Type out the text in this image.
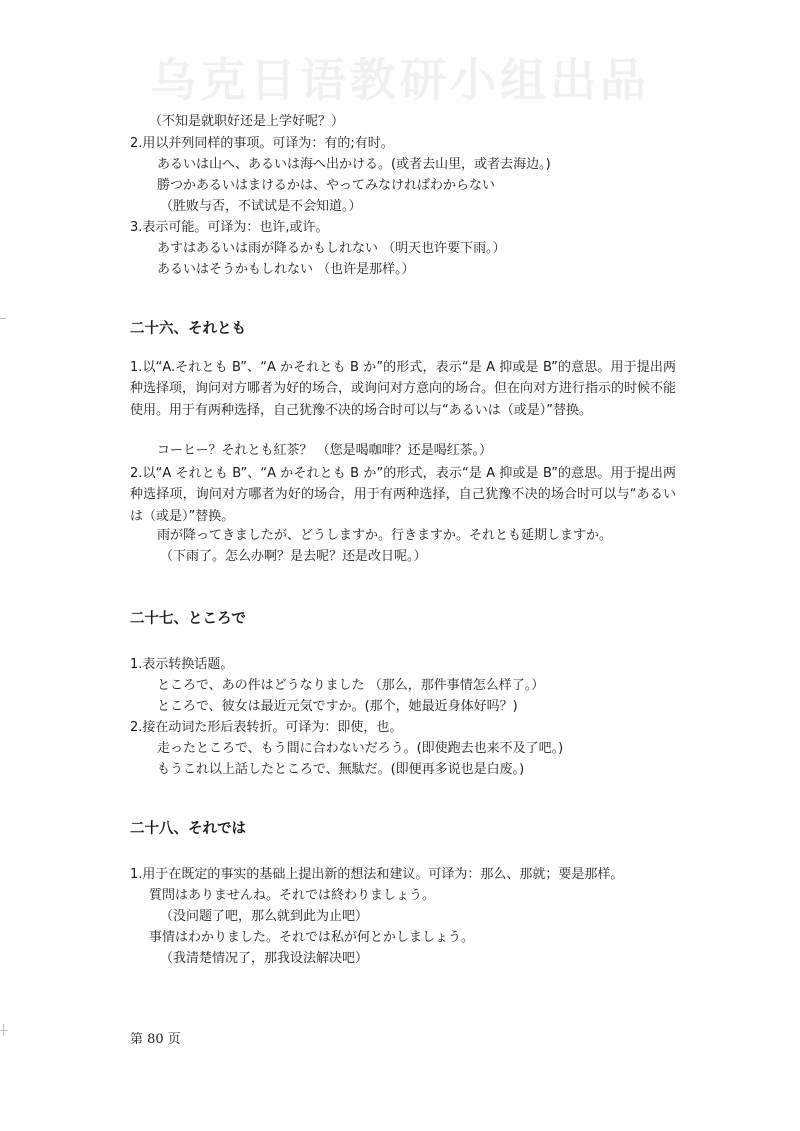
乌克日语教研小组出品
（不知是就职好还是上学好呢？）
2.用以并列同样的事项。可译为：有的;有时。
あるいは山へ、あるいは海へ出かける。(或者去山里，或者去海边。)
勝つかあるいはまけるかは、やってみなければわからない
（胜败与否，不试试是不会知道。）
3.表示可能。可译为：也许,或许。
あすはあるいは雨が降るかもしれない （明天也许要下雨。）
あるいはそうかもしれない （也许是那样。）
二十六、それとも

1.以“A.それとも B”、“A かそれとも B か”的形式，表示“是 A 抑或是 B”的意思。用于提出两种选择项，询问对方哪者为好的场合，或询问对方意向的场合。但在向对方进行指示的时候不能使用。用于有两种选择，自己犹豫不决的场合时可以与“あるいは（或是）”替换。

コーヒー？それとも紅茶？ （您是喝咖啡？还是喝红茶。）

2.以“A それとも B”、“A かそれとも B か”的形式，表示“是 A 抑或是 B”的意思。用于提出两种选择项，询问对方哪者为好的场合，用于有两种选择，自己犹豫不决的场合时可以与“あるいは（或是）”替换。

雨が降ってきましたが、どうしますか。行きますか。それとも延期しますか。
（下雨了。怎么办啊？是去呢？还是改日呢。）
二十七、ところで
1.表示转换话题。
ところで、あの件はどうなりました （那么，那件事情怎么样了。）
ところで、彼女は最近元気ですか。(那个，她最近身体好吗？)
2.接在动词た形后表转折。可译为：即使，也。
走ったところで、もう間に合わないだろう。(即使跑去也来不及了吧。)
もうこれ以上話したところで、無駄だ。(即便再多说也是白废。)
二十八、それでは
1.用于在既定的事实的基础上提出新的想法和建议。可译为：那么、那就；要是那样。
質問はありませんね。それでは終わりましょう。
（没问题了吧，那么就到此为止吧）
事情はわかりました。それでは私が何とかしましょう。
（我清楚情况了，那我设法解决吧）
第 80 页
